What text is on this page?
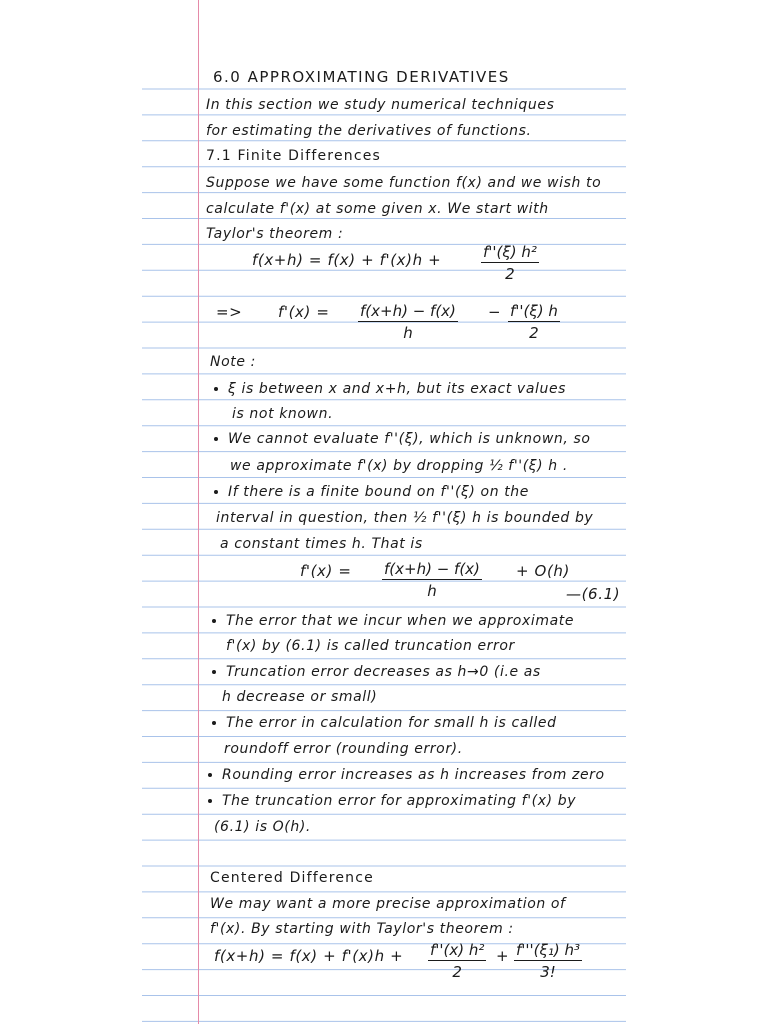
6.0 APPROXIMATING DERIVATIVES
In this section we study numerical techniques
for estimating the derivatives of functions.
7.1 Finite Differences
Suppose we have some function f(x) and we wish to
calculate f'(x) at some given x. We start with
Taylor's theorem :
f(x+h) = f(x) + f'(x)h +	$\frac{\text{f''(ξ) h²}}{2}$
=> $f'(x) = \frac{f(x+h) - f(x)}{h} - \frac{f''(\xi) h}{2}$
Note :
ξ is between x and x+h, but its exact values
is not known.
We cannot evaluate f''(ξ), which is unknown, so
we approximate f'(x) by dropping ½ f''(ξ) h .
If there is a finite bound on f''(ξ) on the
interval in question, then ½ f''(ξ) h is bounded by
a constant times h. That is
$f'(x) = \frac{f(x+h) - f(x)}{h} + O(h)$
—(6.1)
The error that we incur when we approximate
f'(x) by (6.1) is called truncation error
Truncation error decreases as h→0 (i.e as
h decrease or small)
The error in calculation for small h is called
roundoff error (rounding error).
Rounding error increases as h increases from zero
The truncation error for approximating f'(x) by
(6.1) is O(h).
Centered Difference
We may want a more precise approximation of
f'(x). By starting with Taylor's theorem :
$f(x+h) = f(x) + f'(x)h + \frac{\text{f''(x) h²}}{2} + \frac{\text{f'''(ξ₁) h³}}{3!}$
